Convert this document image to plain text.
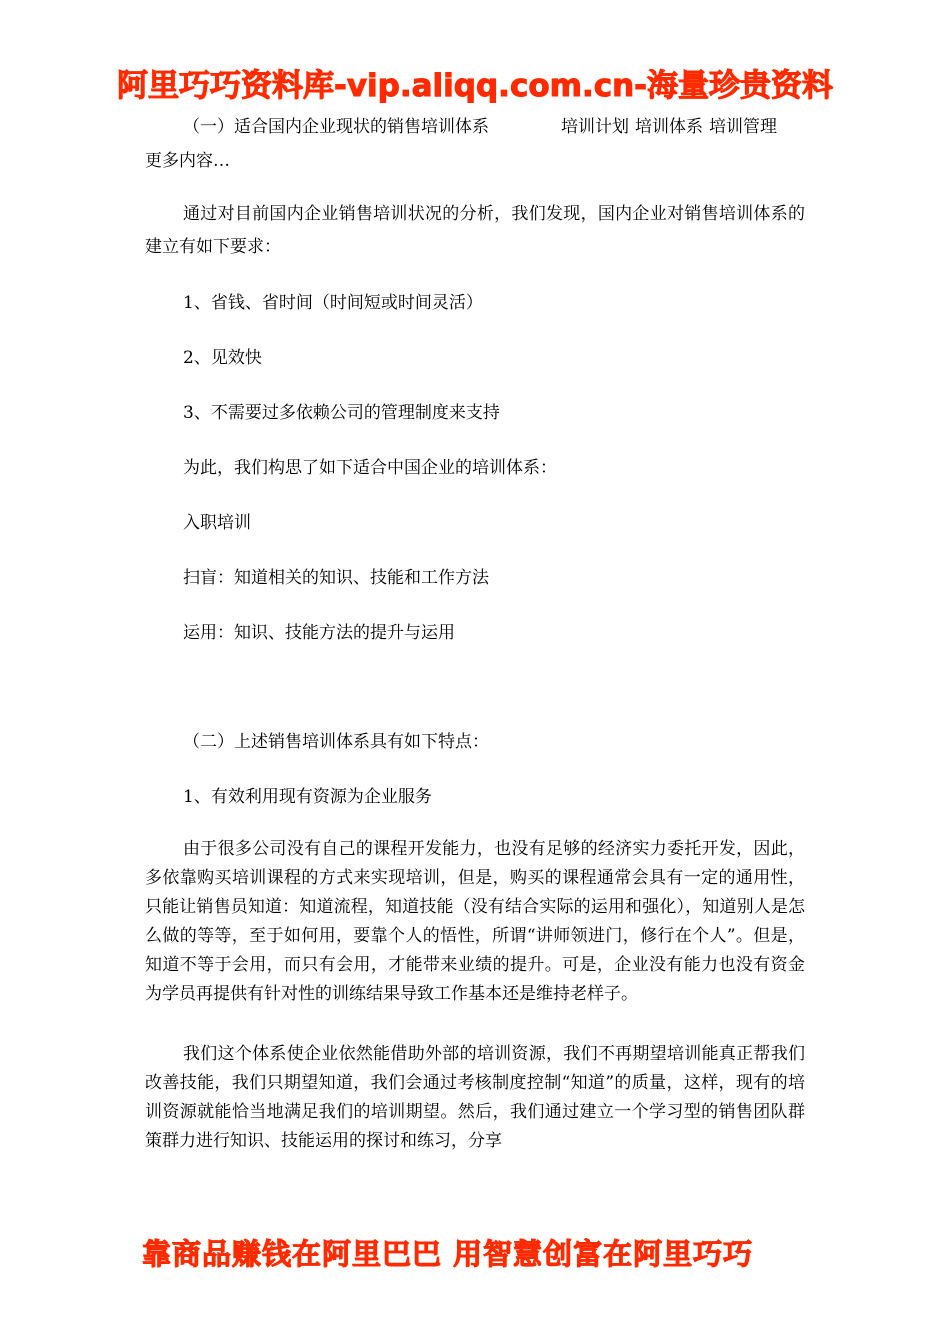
阿里巧巧资料库-vip.aliqq.com.cn-海量珍贵资料

（一）适合国内企业现状的销售培训体系	培训计划 培训体系 培训管理更多内容…

通过对目前国内企业销售培训状况的分析，我们发现，国内企业对销售培训体系的建立有如下要求：

1、省钱、省时间（时间短或时间灵活）

2、见效快

3、不需要过多依赖公司的管理制度来支持

为此，我们构思了如下适合中国企业的培训体系：

入职培训

扫盲：知道相关的知识、技能和工作方法

运用：知识、技能方法的提升与运用

（二）上述销售培训体系具有如下特点：

1、有效利用现有资源为企业服务

由于很多公司没有自己的课程开发能力，也没有足够的经济实力委托开发，因此，多依靠购买培训课程的方式来实现培训，但是，购买的课程通常会具有一定的通用性，只能让销售员知道：知道流程，知道技能（没有结合实际的运用和强化），知道别人是怎么做的等等，至于如何用，要靠个人的悟性，所谓“讲师领进门，修行在个人”。但是，知道不等于会用，而只有会用，才能带来业绩的提升。可是，企业没有能力也没有资金为学员再提供有针对性的训练结果导致工作基本还是维持老样子。

我们这个体系使企业依然能借助外部的培训资源，我们不再期望培训能真正帮我们改善技能，我们只期望知道，我们会通过考核制度控制“知道”的质量，这样，现有的培训资源就能恰当地满足我们的培训期望。然后，我们通过建立一个学习型的销售团队群策群力进行知识、技能运用的探讨和练习，分享

靠商品赚钱在阿里巴巴 用智慧创富在阿里巧巧
